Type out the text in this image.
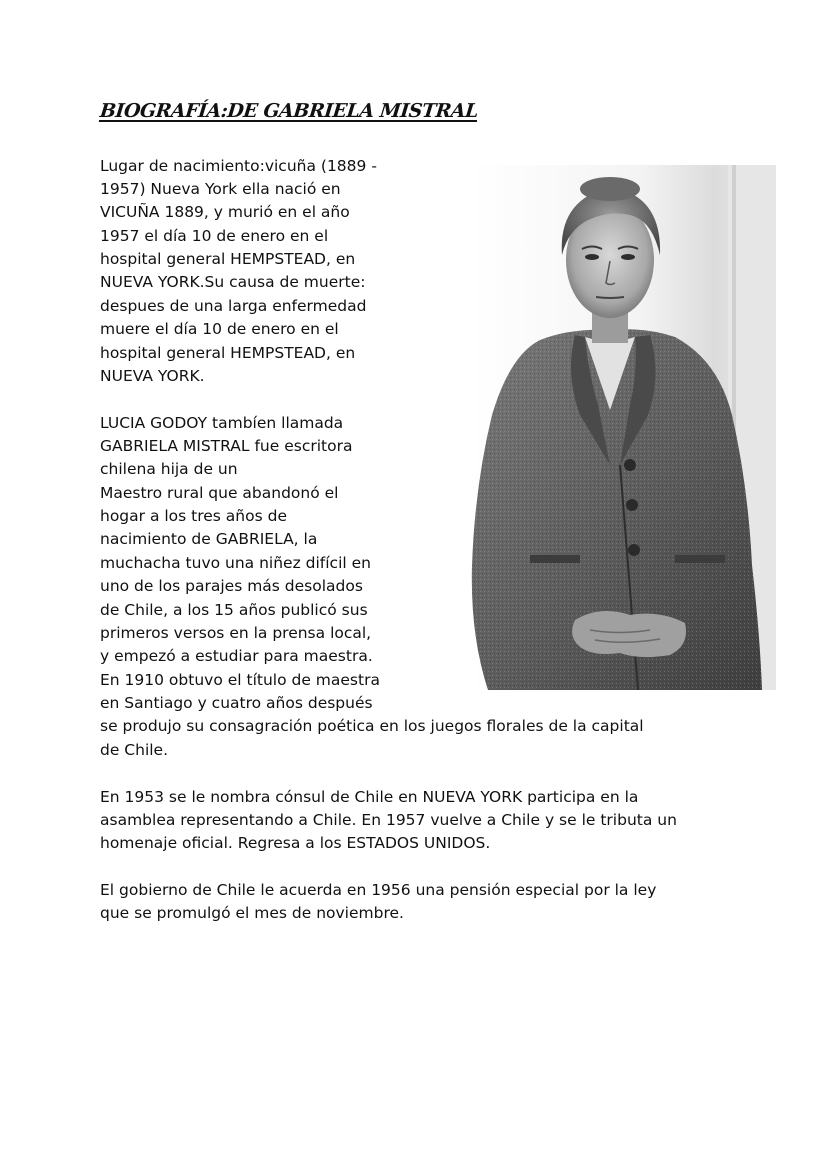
BIOGRAFÍA:DE GABRIELA MISTRAL
Lugar de nacimiento:vicuña (1889 -
1957) Nueva York ella nació en
VICUÑA 1889, y murió en el año
1957 el día 10 de enero en el
hospital general HEMPSTEAD, en
NUEVA YORK.Su causa de muerte:
despues de una larga enfermedad
muere el día 10 de enero en el
hospital general HEMPSTEAD, en
NUEVA YORK.
LUCIA GODOY tambíen llamada
GABRIELA MISTRAL fue escritora
chilena hija de un
Maestro rural que abandonó el
hogar a los tres años de
nacimiento de GABRIELA, la
muchacha tuvo una niñez difícil en
uno de los parajes más desolados
de Chile, a los 15 años publicó sus
primeros versos en la prensa local,
y empezó a estudiar para maestra.
En 1910 obtuvo el título de maestra
en Santiago y cuatro años después
se produjo su consagración poética en los juegos florales de la capital
de Chile.
En 1953 se le nombra cónsul de Chile en NUEVA YORK participa en la
asamblea representando a Chile. En 1957 vuelve a Chile y se le tributa un
homenaje oficial. Regresa a los ESTADOS UNIDOS.
El gobierno de Chile le acuerda en 1956 una pensión especial por la ley
que se promulgó el mes de noviembre.
